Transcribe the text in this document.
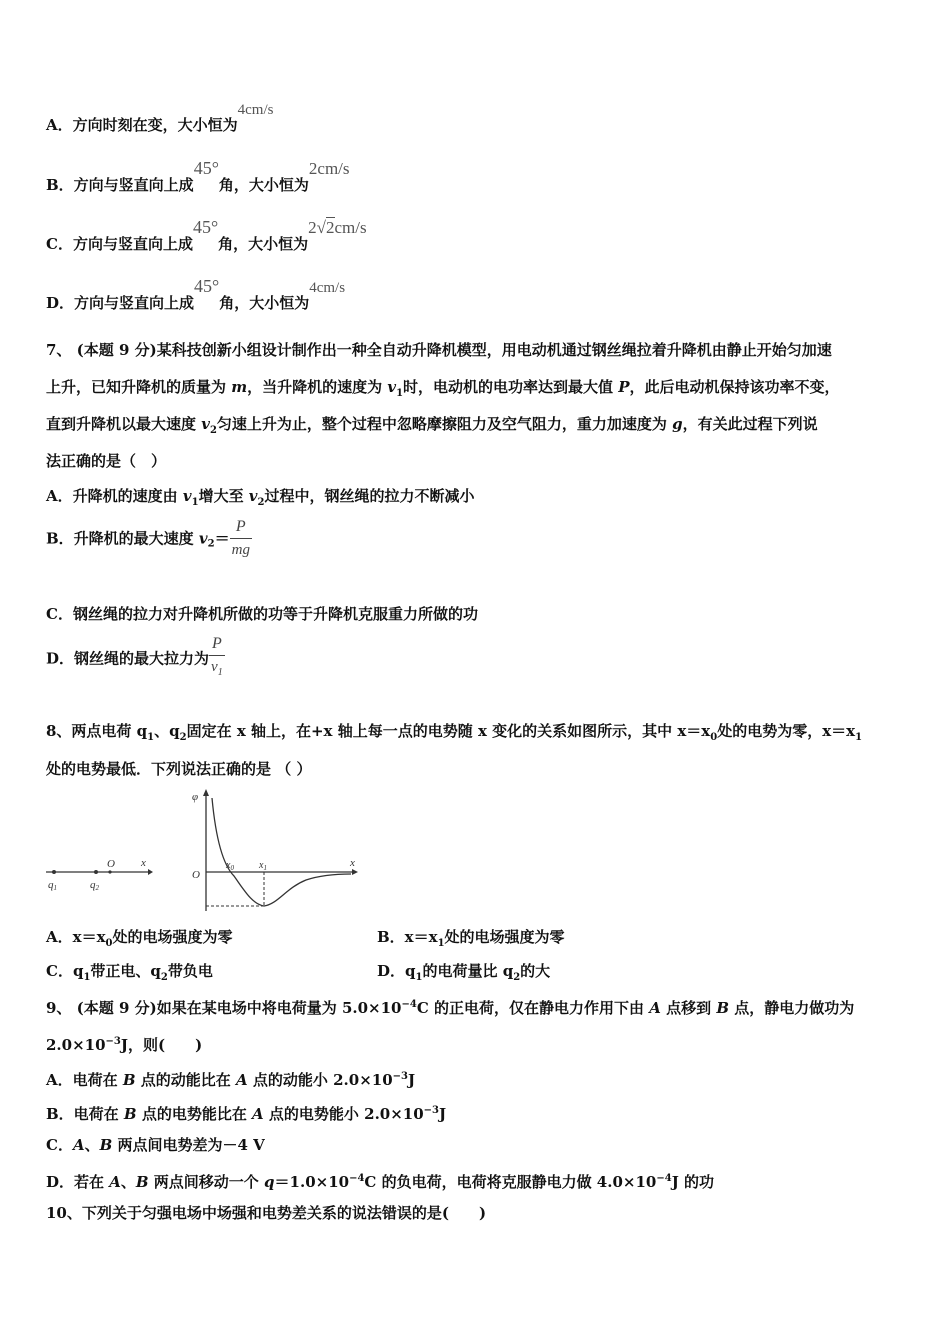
A．方向时刻在变，大小恒为4cm/s
B．方向与竖直向上成45°角，大小恒为2cm/s
C．方向与竖直向上成45°角，大小恒为2√2cm/s
D．方向与竖直向上成45°角，大小恒为4cm/s
7、 (本题 9 分)某科技创新小组设计制作出一种全自动升降机模型，用电动机通过钢丝绳拉着升降机由静止开始匀加速
上升，已知升降机的质量为 m，当升降机的速度为 $v_1$时，电动机的电功率达到最大值 P，此后电动机保持该功率不变，
直到升降机以最大速度 $v_2$匀速上升为止，整个过程中忽略摩擦阻力及空气阻力，重力加速度为 g，有关此过程下列说
法正确的是（　）
A．升降机的速度由 $v_1$增大至 $v_2$过程中，钢丝绳的拉力不断减小
B．升降机的最大速度 $v_2= \frac{P}{mg}$
C．钢丝绳的拉力对升降机所做的功等于升降机克服重力所做的功
D．钢丝绳的最大拉力为 $\frac{P}{v_1}$
8、两点电荷 $q_1$、$q_2$固定在 x 轴上，在+x 轴上每一点的电势随 x 变化的关系如图所示，其中 $x=x_0$处的电势为零，$x=x_1$
处的电势最低．下列说法正确的是 （ ）
O x
q1	q2
φ
O
x
$x_0$	$x_1$
A．$x=x_0$处的电场强度为零	B．$x=x_1$处的电场强度为零
C．$q_1$带正电、$q_2$带负电	D．$q_1$的电荷量比 $q_2$的大
9、 (本题 9 分)如果在某电场中将电荷量为 $5.0\times 10^{-4}C$ 的正电荷，仅在静电力作用下由 A 点移到 B 点，静电力做功为
$2.0\times 10^{-3}J$，则(　　)
A．电荷在 B 点的动能比在 A 点的动能小 $2.0\times 10^{-3}J$
B．电荷在 B 点的电势能比在 A 点的电势能小 $2.0\times 10^{-3}J$
C．A、B 两点间电势差为－4 V
D．若在 A、B 两点间移动一个 $q=1.0\times 10^{-4}C$ 的负电荷，电荷将克服静电力做 $4.0\times 10^{-4}J$ 的功
10、下列关于匀强电场中场强和电势差关系的说法错误的是(　　)
